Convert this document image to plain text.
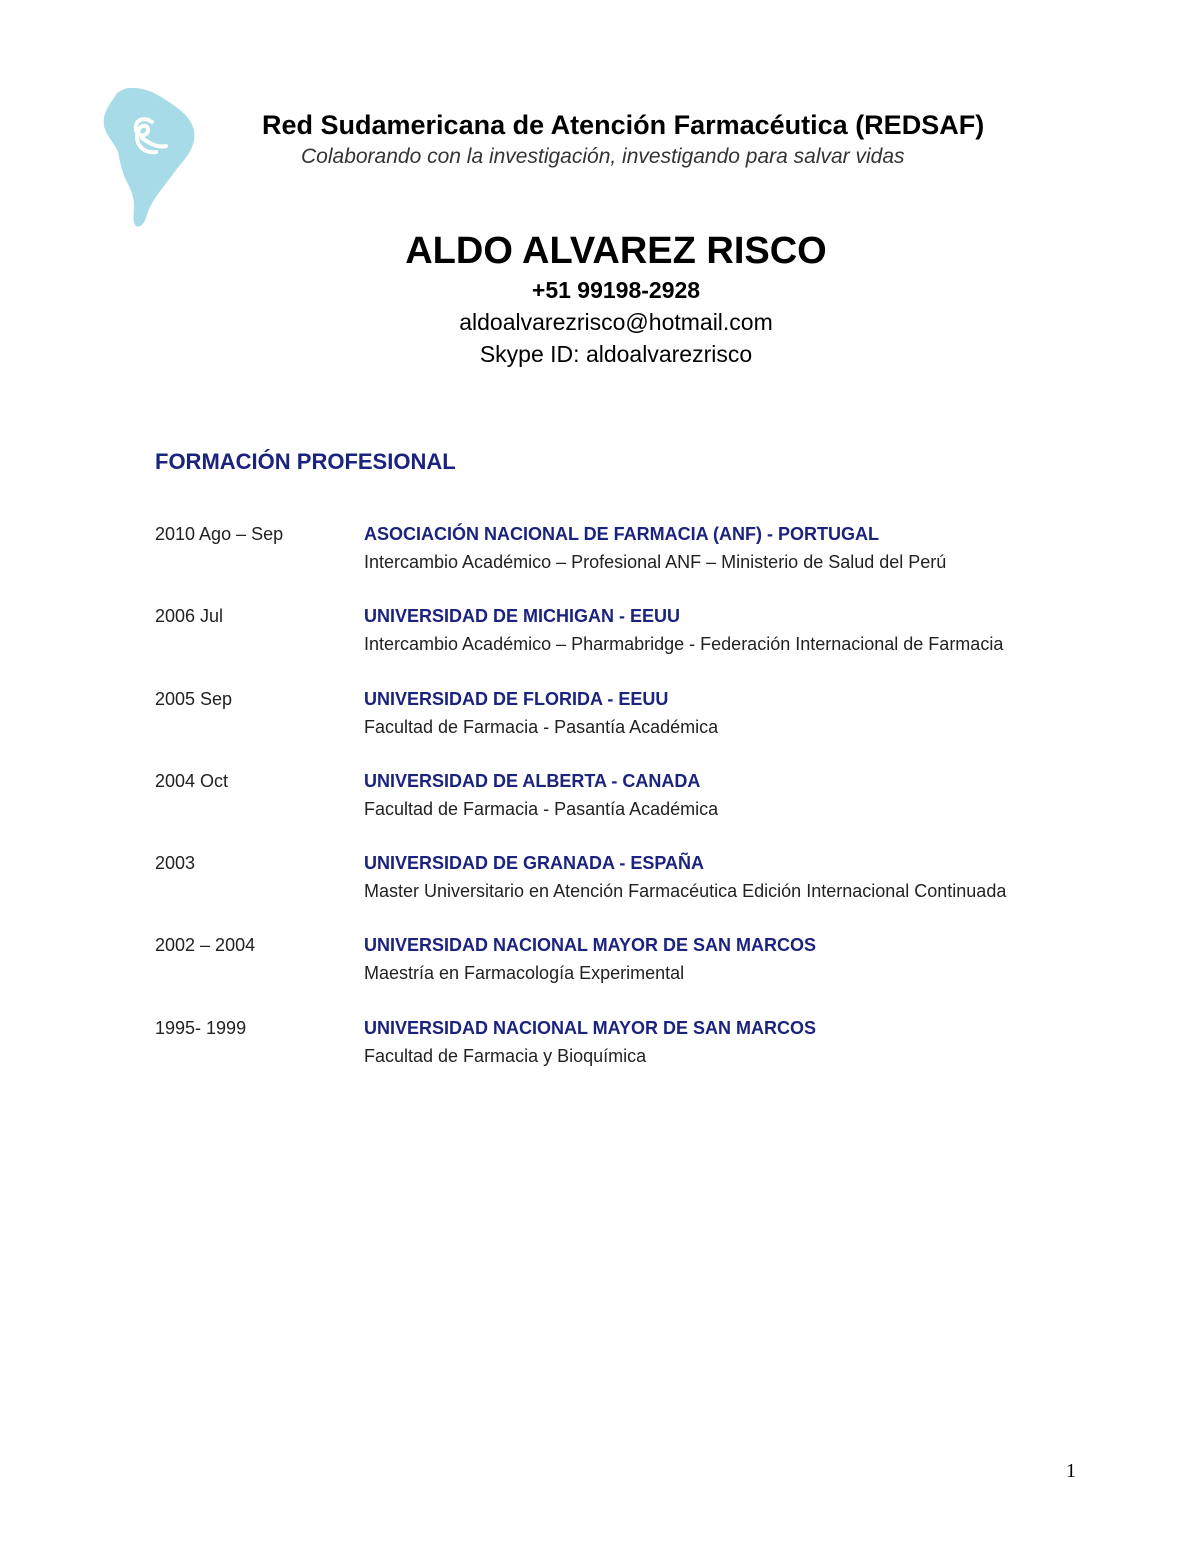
Red Sudamericana de Atención Farmacéutica (REDSAF)
Colaborando con la investigación, investigando para salvar vidas
ALDO ALVAREZ RISCO
+51 99198-2928
aldoalvarezrisco@hotmail.com
Skype ID: aldoalvarezrisco
FORMACIÓN PROFESIONAL
2010 Ago – Sep	ASOCIACIÓN NACIONAL DE FARMACIA (ANF) - PORTUGAL
Intercambio Académico – Profesional ANF – Ministerio de Salud del Perú
2006 Jul	UNIVERSIDAD DE MICHIGAN - EEUU
Intercambio Académico – Pharmabridge - Federación Internacional de Farmacia
2005 Sep	UNIVERSIDAD DE FLORIDA - EEUU
Facultad de Farmacia - Pasantía Académica
2004 Oct	UNIVERSIDAD DE ALBERTA - CANADA
Facultad de Farmacia - Pasantía Académica
2003	UNIVERSIDAD DE GRANADA - ESPAÑA
Master Universitario en Atención Farmacéutica Edición Internacional Continuada
2002 – 2004	UNIVERSIDAD NACIONAL MAYOR DE SAN MARCOS
Maestría en Farmacología Experimental
1995- 1999	UNIVERSIDAD NACIONAL MAYOR DE SAN MARCOS
Facultad de Farmacia y Bioquímica
1
